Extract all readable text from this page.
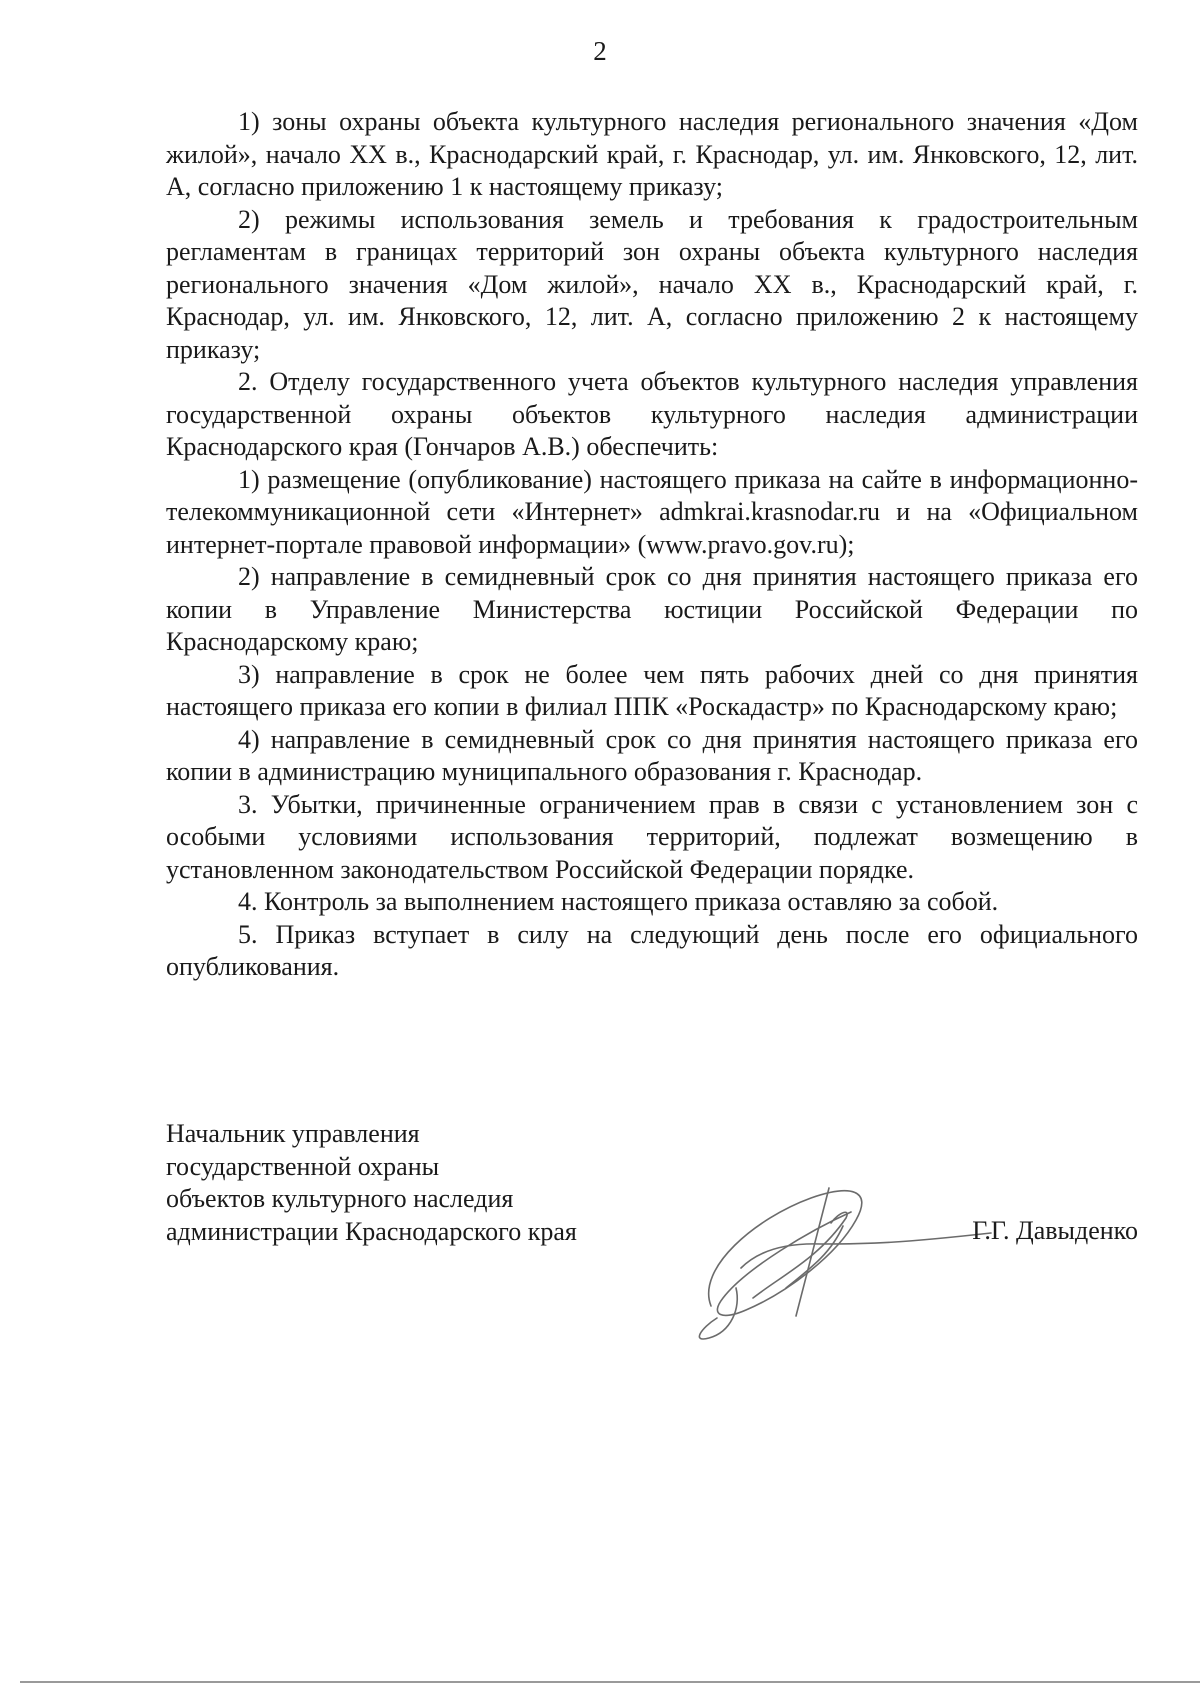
2

1) зоны охраны объекта культурного наследия регионального значения «Дом жилой», начало XX в., Краснодарский край, г. Краснодар, ул. им. Янковского, 12, лит. А, согласно приложению 1 к настоящему приказу;

2) режимы использования земель и требования к градостроительным регламентам в границах территорий зон охраны объекта культурного наследия регионального значения «Дом жилой», начало XX в., Краснодарский край, г. Краснодар, ул. им. Янковского, 12, лит. А, согласно приложению 2 к настоящему приказу;

2. Отделу государственного учета объектов культурного наследия управления государственной охраны объектов культурного наследия администрации Краснодарского края (Гончаров А.В.) обеспечить:

1) размещение (опубликование) настоящего приказа на сайте в информационно-телекоммуникационной сети «Интернет» admkrai.krasnodar.ru и на «Официальном интернет-портале правовой информации» (www.pravo.gov.ru);

2) направление в семидневный срок со дня принятия настоящего приказа его копии в Управление Министерства юстиции Российской Федерации по Краснодарскому краю;

3) направление в срок не более чем пять рабочих дней со дня принятия настоящего приказа его копии в филиал ППК «Роскадастр» по Краснодарскому краю;

4) направление в семидневный срок со дня принятия настоящего приказа его копии в администрацию муниципального образования г. Краснодар.

3. Убытки, причиненные ограничением прав в связи с установлением зон с особыми условиями использования территорий, подлежат возмещению в установленном законодательством Российской Федерации порядке.

4. Контроль за выполнением настоящего приказа оставляю за собой.

5. Приказ вступает в силу на следующий день после его официального опубликования.

Начальник управления
государственной охраны
объектов культурного наследия
администрации Краснодарского края	Г.Г. Давыденко
